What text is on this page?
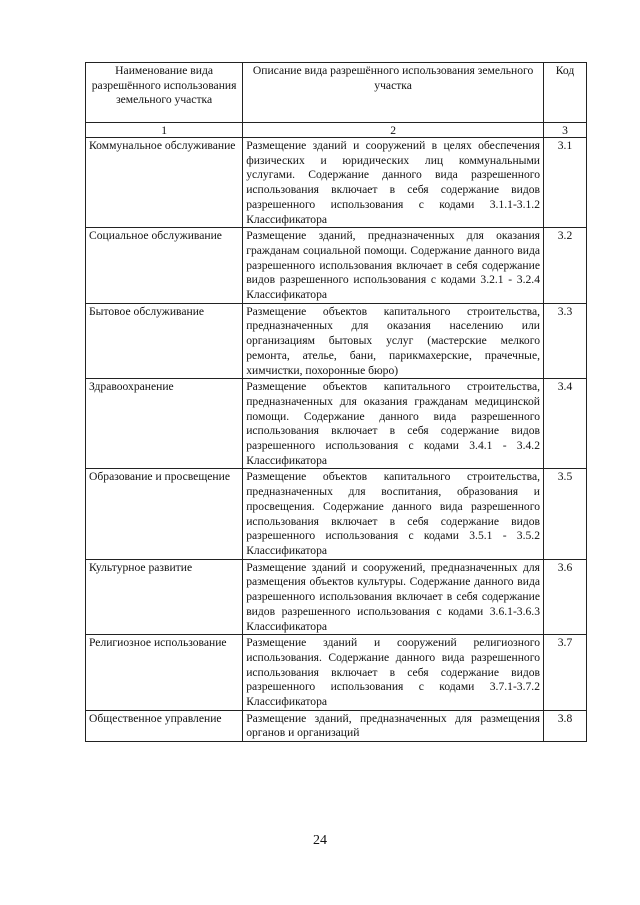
Наименование вида разрешённого использования земельного участка	Описание вида разрешённого использования земельного участка	Код
1	2	3
Коммунальное обслуживание	Размещение зданий и сооружений в целях обеспечения физических и юридических лиц коммунальными услугами. Содержание данного вида разрешенного использования включает в себя содержание видов разрешенного использования с кодами 3.1.1-3.1.2 Классификатора	3.1
Социальное обслуживание	Размещение зданий, предназначенных для оказания гражданам социальной помощи. Содержание данного вида разрешенного использования включает в себя содержание видов разрешенного использования с кодами 3.2.1 - 3.2.4 Классификатора	3.2
Бытовое обслуживание	Размещение объектов капитального строительства, предназначенных для оказания населению или организациям бытовых услуг (мастерские мелкого ремонта, ателье, бани, парикмахерские, прачечные, химчистки, похоронные бюро)	3.3
Здравоохранение	Размещение объектов капитального строительства, предназначенных для оказания гражданам медицинской помощи. Содержание данного вида разрешенного использования включает в себя содержание видов разрешенного использования с кодами 3.4.1 - 3.4.2 Классификатора	3.4
Образование и просвещение	Размещение объектов капитального строительства, предназначенных для воспитания, образования и просвещения. Содержание данного вида разрешенного использования включает в себя содержание видов разрешенного использования с кодами 3.5.1 - 3.5.2 Классификатора	3.5
Культурное развитие	Размещение зданий и сооружений, предназначенных для размещения объектов культуры. Содержание данного вида разрешенного использования включает в себя содержание видов разрешенного использования с кодами 3.6.1-3.6.3 Классификатора	3.6
Религиозное использование	Размещение зданий и сооружений религиозного использования. Содержание данного вида разрешенного использования включает в себя содержание видов разрешенного использования с кодами 3.7.1-3.7.2 Классификатора	3.7
Общественное управление	Размещение зданий, предназначенных для размещения органов и организаций	3.8
24
